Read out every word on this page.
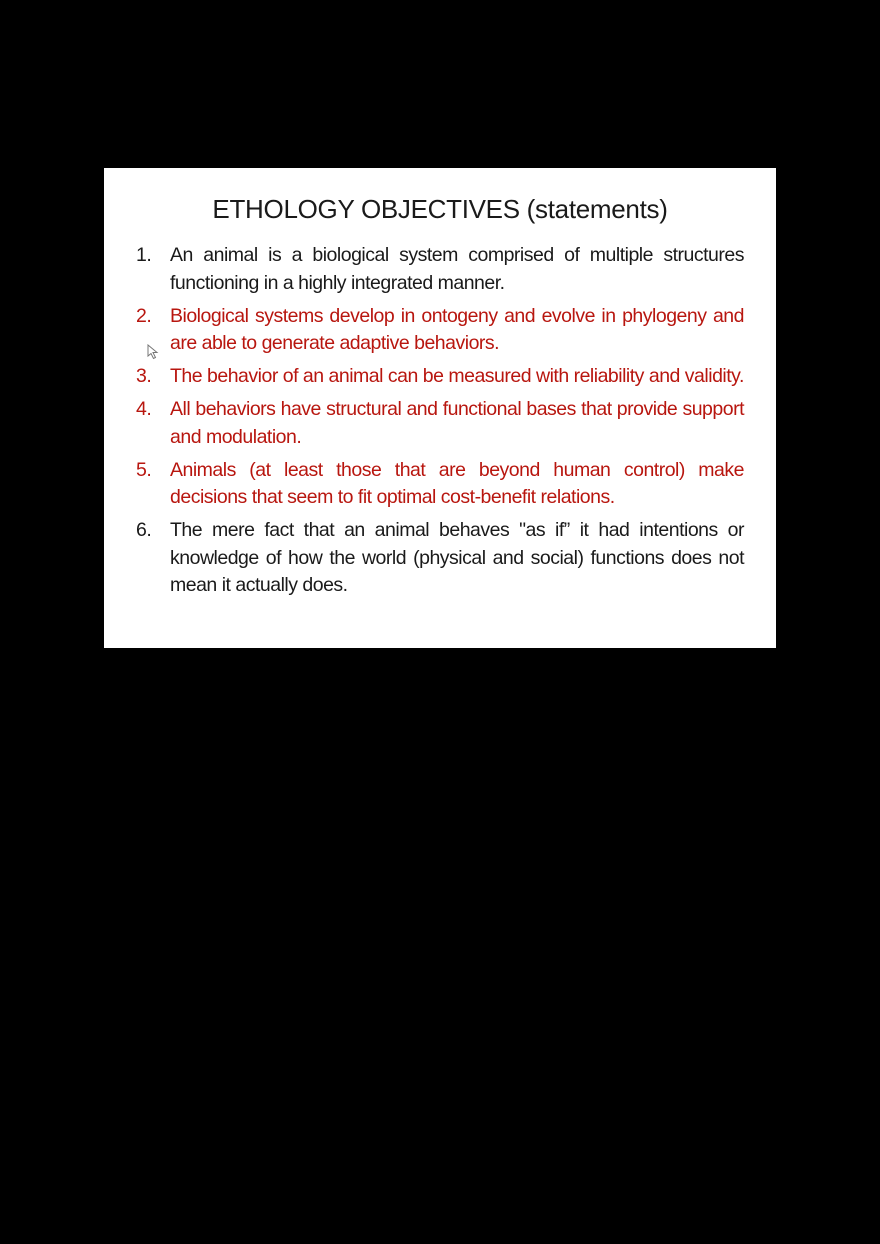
ETHOLOGY OBJECTIVES (statements)
1. An animal is a biological system comprised of multiple structures functioning in a highly integrated manner.
2. Biological systems develop in ontogeny and evolve in phylogeny and are able to generate adaptive behaviors.
3. The behavior of an animal can be measured with reliability and validity.
4. All behaviors have structural and functional bases that provide support and modulation.
5. Animals (at least those that are beyond human control) make decisions that seem to fit optimal cost-benefit relations.
6. The mere fact that an animal behaves "as if” it had intentions or knowledge of how the world (physical and social) functions does not mean it actually does.
